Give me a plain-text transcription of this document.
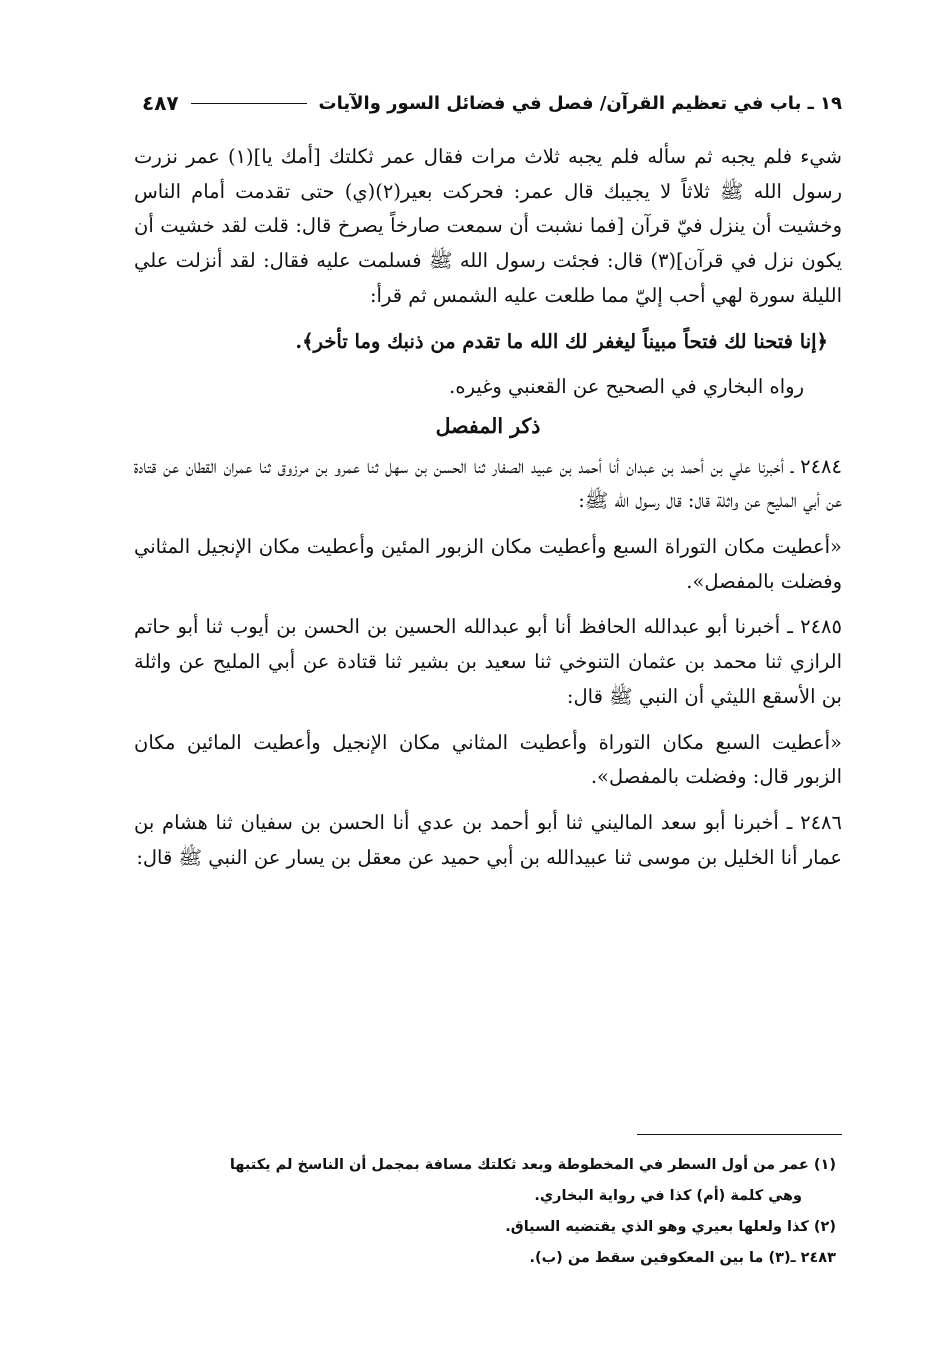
١٩ ـ باب في تعظيم القرآن/ فصل في فضائل السور والآيات
٤٨٧

شيء فلم يجبه ثم سأله فلم يجبه ثلاث مرات فقال عمر ثكلتك [أمك يا](١) عمر نزرت رسول الله ﷺ ثلاثاً لا يجيبك قال عمر: فحركت بعير(٢)(ي) حتى تقدمت أمام الناس وخشيت أن ينزل فيّ قرآن [فما نشبت أن سمعت صارخاً يصرخ قال: قلت لقد خشيت أن يكون نزل في قرآن](٣) قال: فجئت رسول الله ﷺ فسلمت عليه فقال: لقد أنزلت علي الليلة سورة لهي أحب إليّ مما طلعت عليه الشمس ثم قرأ:

﴿إنا فتحنا لك فتحاً مبيناً ليغفر لك الله ما تقدم من ذنبك وما تأخر﴾.

رواه البخاري في الصحيح عن القعنبي وغيره.

ذكر المفصل

٢٤٨٤ ـ أخبرنا علي بن أحمد بن عبدان أنا أحمد بن عبيد الصفار ثنا الحسن بن سهل ثنا عمرو بن مرزوق ثنا عمران القطان عن قتادة عن أبي المليح عن واثلة قال: قال رسول الله ﷺ:

«أعطيت مكان التوراة السبع وأعطيت مكان الزبور المئين وأعطيت مكان الإنجيل المثاني وفضلت بالمفصل».

٢٤٨٥ ـ أخبرنا أبو عبدالله الحافظ أنا أبو عبدالله الحسين بن الحسن بن أيوب ثنا أبو حاتم الرازي ثنا محمد بن عثمان التنوخي ثنا سعيد بن بشير ثنا قتادة عن أبي المليح عن واثلة بن الأسقع الليثي أن النبي ﷺ قال:

«أعطيت السبع مكان التوراة وأعطيت المثاني مكان الإنجيل وأعطيت المائين مكان الزبور قال: وفضلت بالمفصل».

٢٤٨٦ ـ أخبرنا أبو سعد الماليني ثنا أبو أحمد بن عدي أنا الحسن بن سفيان ثنا هشام بن عمار أنا الخليل بن موسى ثنا عبيدالله بن أبي حميد عن معقل بن يسار عن النبي ﷺ قال:

(١) عمر من أول السطر في المخطوطة وبعد ثكلتك مسافة بمجمل أن الناسخ لم يكتبها

وهي كلمة (أم) كذا في رواية البخاري.

(٢) كذا ولعلها بعيري وهو الذي يقتضيه السياق.

٢٤٨٣ ـ(٣) ما بين المعكوفين سقط من (ب).
